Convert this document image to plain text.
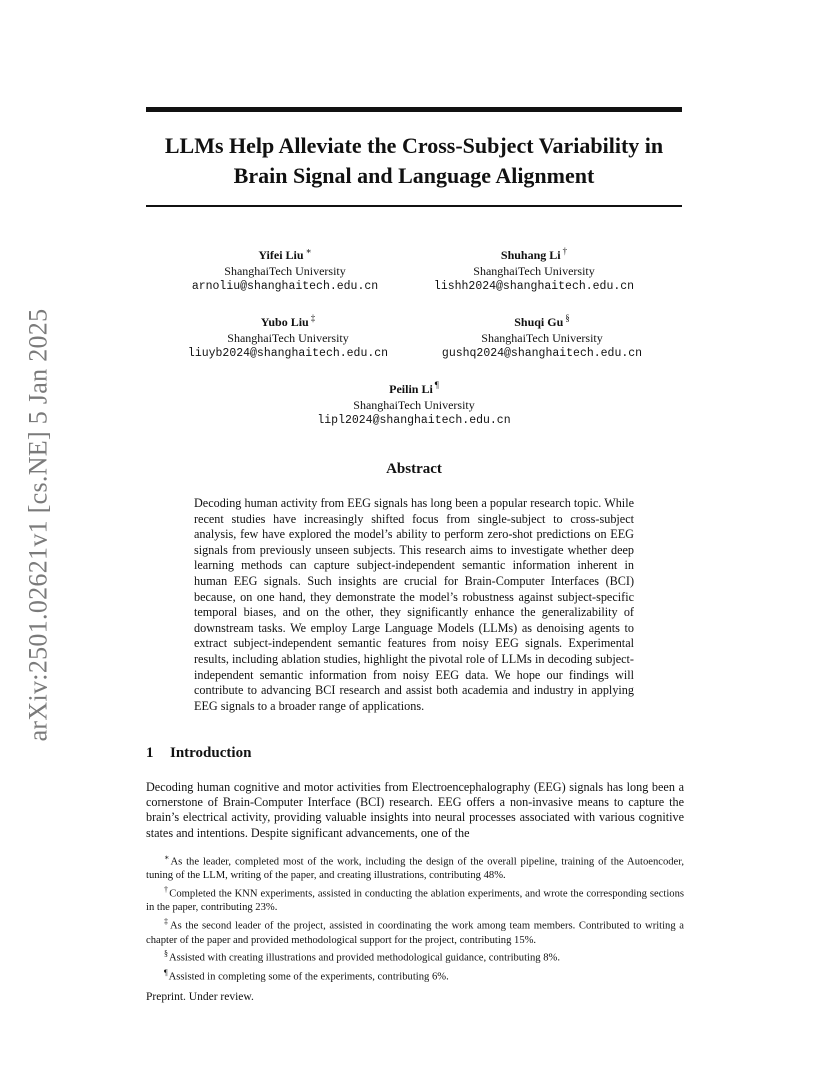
arXiv:2501.02621v1 [cs.NE] 5 Jan 2025
LLMs Help Alleviate the Cross-Subject Variability in
Brain Signal and Language Alignment
Yifei Liu ∗
ShanghaiTech University
arnoliu@shanghaitech.edu.cn
Shuhang Li †
ShanghaiTech University
lishh2024@shanghaitech.edu.cn
Yubo Liu ‡
ShanghaiTech University
liuyb2024@shanghaitech.edu.cn
Shuqi Gu §
ShanghaiTech University
gushq2024@shanghaitech.edu.cn
Peilin Li ¶
ShanghaiTech University
lipl2024@shanghaitech.edu.cn
Abstract

Decoding human activity from EEG signals has long been a popular research topic. While recent studies have increasingly shifted focus from single-subject to cross-subject analysis, few have explored the model’s ability to perform zero-shot predictions on EEG signals from previously unseen subjects. This research aims to investigate whether deep learning methods can capture subject-independent semantic information inherent in human EEG signals. Such insights are crucial for Brain-Computer Interfaces (BCI) because, on one hand, they demonstrate the model’s robustness against subject-specific temporal biases, and on the other, they significantly enhance the generalizability of downstream tasks. We employ Large Language Models (LLMs) as denoising agents to extract subject-independent semantic features from noisy EEG signals. Experimental results, including ablation studies, highlight the pivotal role of LLMs in decoding subject-independent semantic information from noisy EEG data. We hope our findings will contribute to advancing BCI research and assist both academia and industry in applying EEG signals to a broader range of applications.

1 Introduction

Decoding human cognitive and motor activities from Electroencephalography (EEG) signals has long been a cornerstone of Brain-Computer Interface (BCI) research. EEG offers a non-invasive means to capture the brain’s electrical activity, providing valuable insights into neural processes associated with various cognitive states and intentions. Despite significant advancements, one of the

∗As the leader, completed most of the work, including the design of the overall pipeline, training of the Autoencoder, tuning of the LLM, writing of the paper, and creating illustrations, contributing 48%.

†Completed the KNN experiments, assisted in conducting the ablation experiments, and wrote the corresponding sections in the paper, contributing 23%.

‡As the second leader of the project, assisted in coordinating the work among team members. Contributed to writing a chapter of the paper and provided methodological support for the project, contributing 15%.

§Assisted with creating illustrations and provided methodological guidance, contributing 8%.

¶Assisted in completing some of the experiments, contributing 6%.

Preprint. Under review.
